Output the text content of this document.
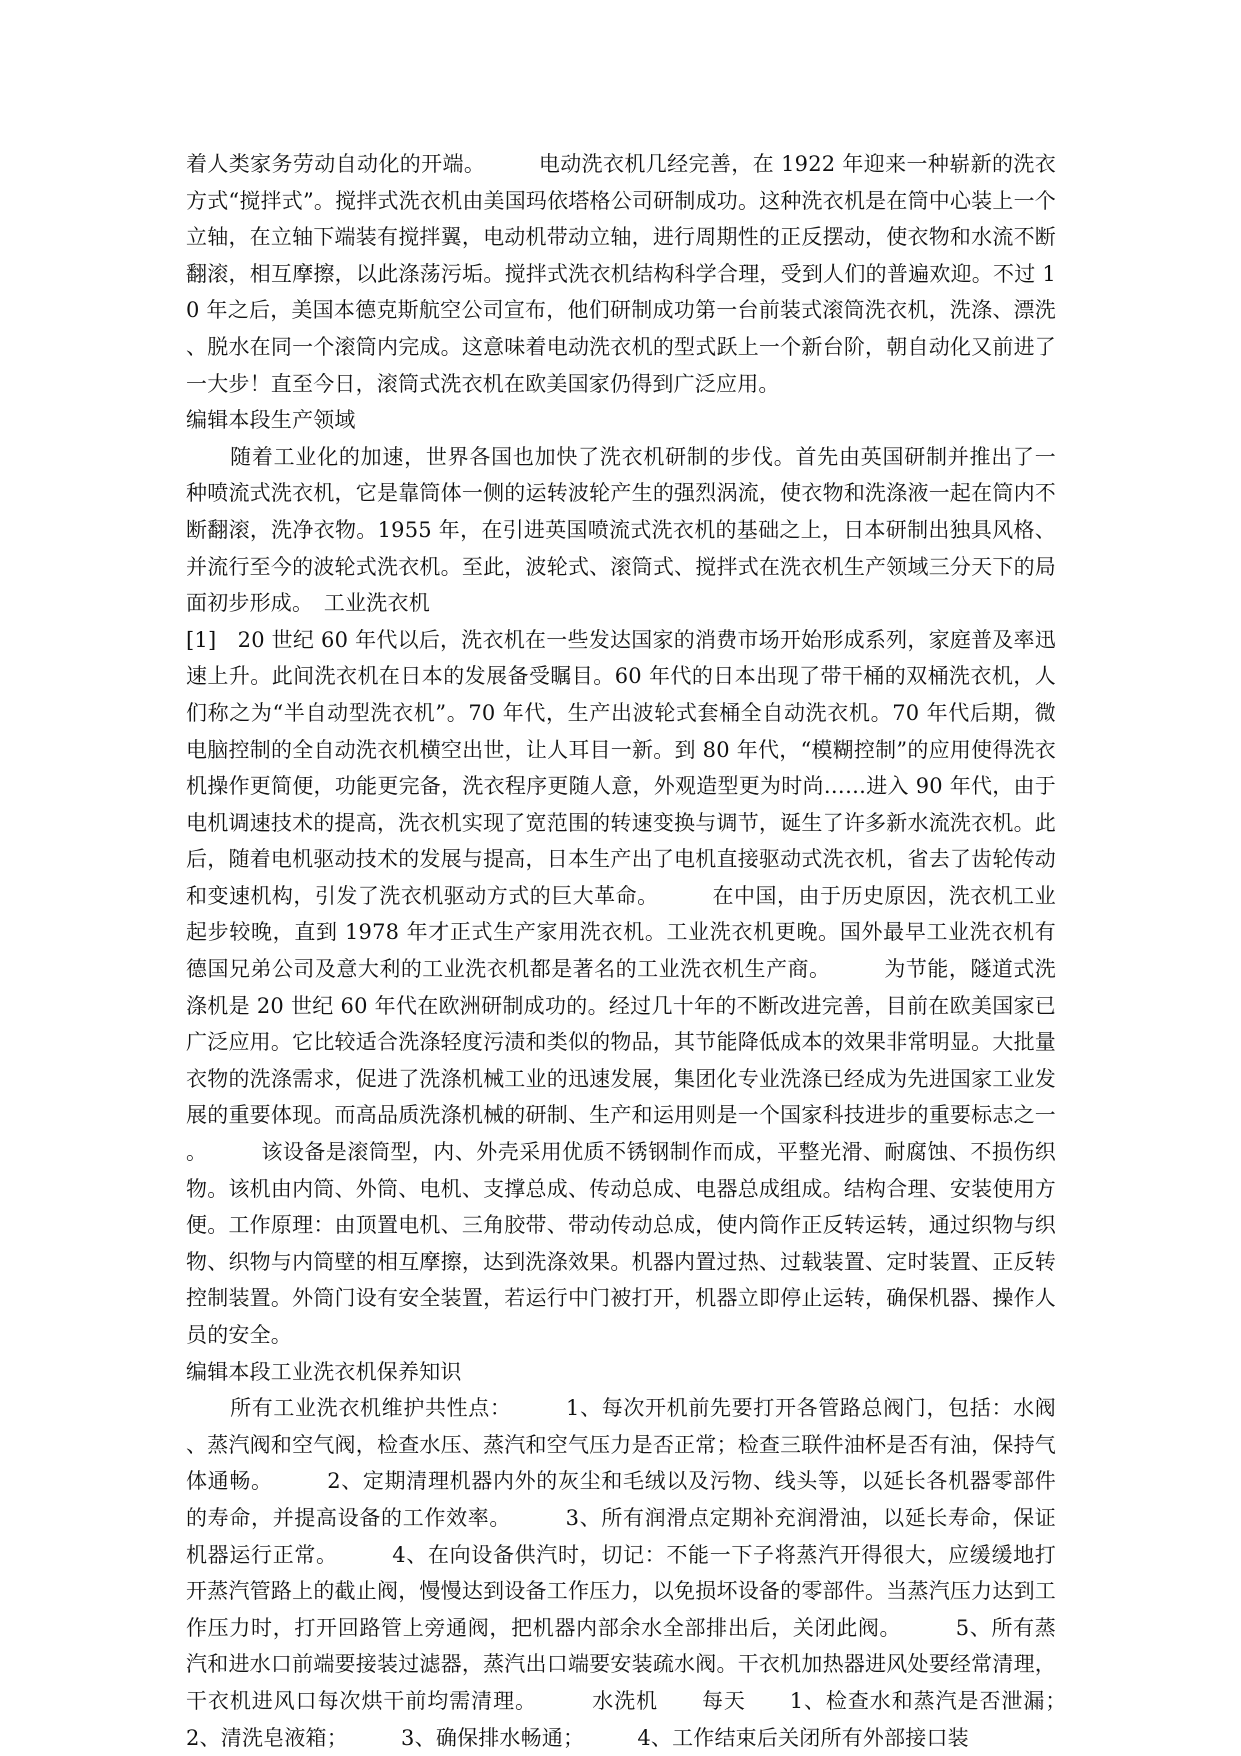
着人类家务劳动自动化的开端。　　　电动洗衣机几经完善，在 1922 年迎来一种崭新的洗衣方式“搅拌式”。搅拌式洗衣机由美国玛依塔格公司研制成功。这种洗衣机是在筒中心装上一个立轴，在立轴下端装有搅拌翼，电动机带动立轴，进行周期性的正反摆动，使衣物和水流不断翻滚，相互摩擦，以此涤荡污垢。搅拌式洗衣机结构科学合理，受到人们的普遍欢迎。不过 10 年之后，美国本德克斯航空公司宣布，他们研制成功第一台前装式滚筒洗衣机，洗涤、漂洗、脱水在同一个滚筒内完成。这意味着电动洗衣机的型式跃上一个新台阶，朝自动化又前进了一大步！直至今日，滚筒式洗衣机在欧美国家仍得到广泛应用。

编辑本段生产领域

随着工业化的加速，世界各国也加快了洗衣机研制的步伐。首先由英国研制并推出了一种喷流式洗衣机，它是靠筒体一侧的运转波轮产生的强烈涡流，使衣物和洗涤液一起在筒内不断翻滚，洗净衣物。1955 年，在引进英国喷流式洗衣机的基础之上，日本研制出独具风格、并流行至今的波轮式洗衣机。至此，波轮式、滚筒式、搅拌式在洗衣机生产领域三分天下的局面初步形成。　工业洗衣机

[1]　20 世纪 60 年代以后，洗衣机在一些发达国家的消费市场开始形成系列，家庭普及率迅速上升。此间洗衣机在日本的发展备受瞩目。60 年代的日本出现了带干桶的双桶洗衣机，人们称之为“半自动型洗衣机”。70 年代，生产出波轮式套桶全自动洗衣机。70 年代后期，微电脑控制的全自动洗衣机横空出世，让人耳目一新。到 80 年代，“模糊控制”的应用使得洗衣机操作更简便，功能更完备，洗衣程序更随人意，外观造型更为时尚……进入 90 年代，由于电机调速技术的提高，洗衣机实现了宽范围的转速变换与调节，诞生了许多新水流洗衣机。此后，随着电机驱动技术的发展与提高，日本生产出了电机直接驱动式洗衣机，省去了齿轮传动和变速机构，引发了洗衣机驱动方式的巨大革命。　　　在中国，由于历史原因，洗衣机工业起步较晚，直到 1978 年才正式生产家用洗衣机。工业洗衣机更晚。国外最早工业洗衣机有德国兄弟公司及意大利的工业洗衣机都是著名的工业洗衣机生产商。　　　为节能，隧道式洗涤机是 20 世纪 60 年代在欧洲研制成功的。经过几十年的不断改进完善，目前在欧美国家已广泛应用。它比较适合洗涤轻度污渍和类似的物品，其节能降低成本的效果非常明显。大批量衣物的洗涤需求，促进了洗涤机械工业的迅速发展，集团化专业洗涤已经成为先进国家工业发展的重要体现。而高品质洗涤机械的研制、生产和运用则是一个国家科技进步的重要标志之一。　　　该设备是滚筒型，内、外壳采用优质不锈钢制作而成，平整光滑、耐腐蚀、不损伤织物。该机由内筒、外筒、电机、支撑总成、传动总成、电器总成组成。结构合理、安装使用方便。工作原理：由顶置电机、三角胶带、带动传动总成，使内筒作正反转运转，通过织物与织物、织物与内筒壁的相互摩擦，达到洗涤效果。机器内置过热、过载装置、定时装置、正反转控制装置。外筒门设有安全装置，若运行中门被打开，机器立即停止运转，确保机器、操作人员的安全。

编辑本段工业洗衣机保养知识

所有工业洗衣机维护共性点：　　　1、每次开机前先要打开各管路总阀门，包括：水阀、蒸汽阀和空气阀，检查水压、蒸汽和空气压力是否正常；检查三联件油杯是否有油，保持气体通畅。　　　2、定期清理机器内外的灰尘和毛绒以及污物、线头等，以延长各机器零部件的寿命，并提高设备的工作效率。　　　3、所有润滑点定期补充润滑油，以延长寿命，保证机器运行正常。　　　4、在向设备供汽时，切记：不能一下子将蒸汽开得很大，应缓缓地打开蒸汽管路上的截止阀，慢慢达到设备工作压力，以免损坏设备的零部件。当蒸汽压力达到工作压力时，打开回路管上旁通阀，把机器内部余水全部排出后，关闭此阀。　　　5、所有蒸汽和进水口前端要接装过滤器，蒸汽出口端要安装疏水阀。干衣机加热器进风处要经常清理，干衣机进风口每次烘干前均需清理。　　　水洗机　　每天　　1、检查水和蒸汽是否泄漏；　　　2、清洗皂液箱；　　　3、确保排水畅通；　　　4、工作结束后关闭所有外部接口装
